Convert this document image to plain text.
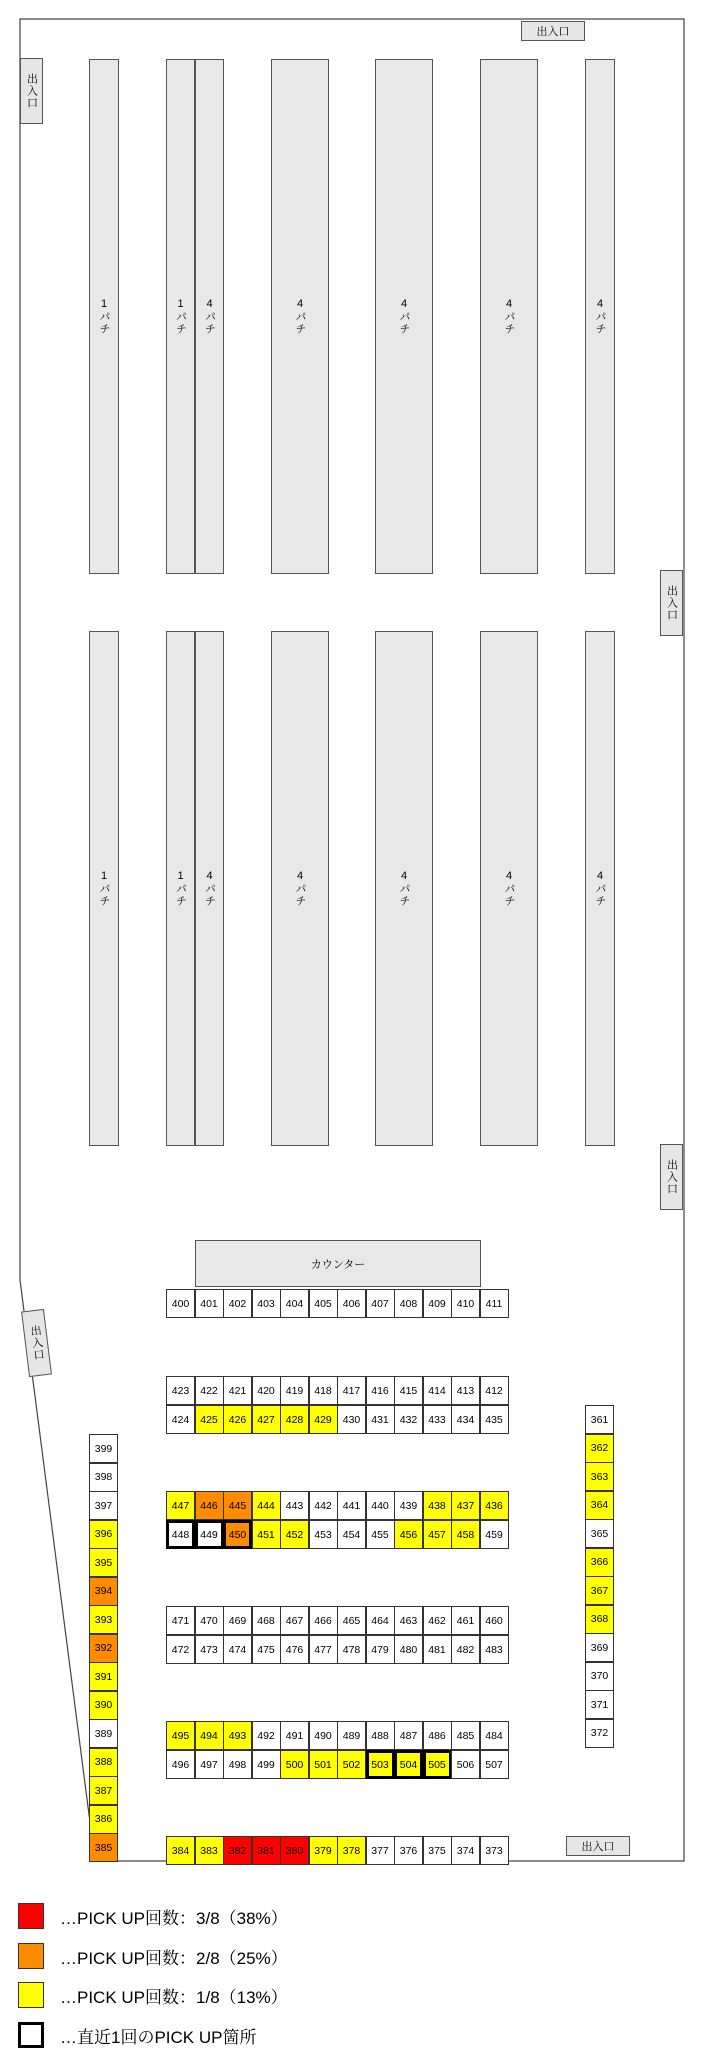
出入口
出入口
出入口
出入口
出入口
出入口
1パチ	1パチ 4パチ	4パチ	4パチ	4パチ	4パチ
1パチ	1パチ 4パチ	4パチ	4パチ	4パチ	4パチ
カウンター
400	401	402	403	404	405	406	407	408	409	410	411
423	422	421	420	419	418	417	416	415	414	413	412
424	425	426	427	428	429	430	431	432	433	434	435
447	446	445	444	443	442	441	440	439	438	437	436
448	449	450	451	452	453	454	455	456	457	458	459
471	470	469	468	467	466	465	464	463	462	461	460
472	473	474	475	476	477	478	479	480	481	482	483
495	494	493	492	491	490	489	488	487	486	485	484
496	497	498	499	500	501	502	503	504	505	506	507
384	383	382	381	380	379	378	377	376	375	374	373
399
398
397
396
395
394
393
392
391
390
389
388
387
386
385
361
362
363
364
365
366
367
368
369
370
371
372
…PICK UP回数：3/8（38%）
…PICK UP回数：2/8（25%）
…PICK UP回数：1/8（13%）
…直近1回のPICK UP箇所
